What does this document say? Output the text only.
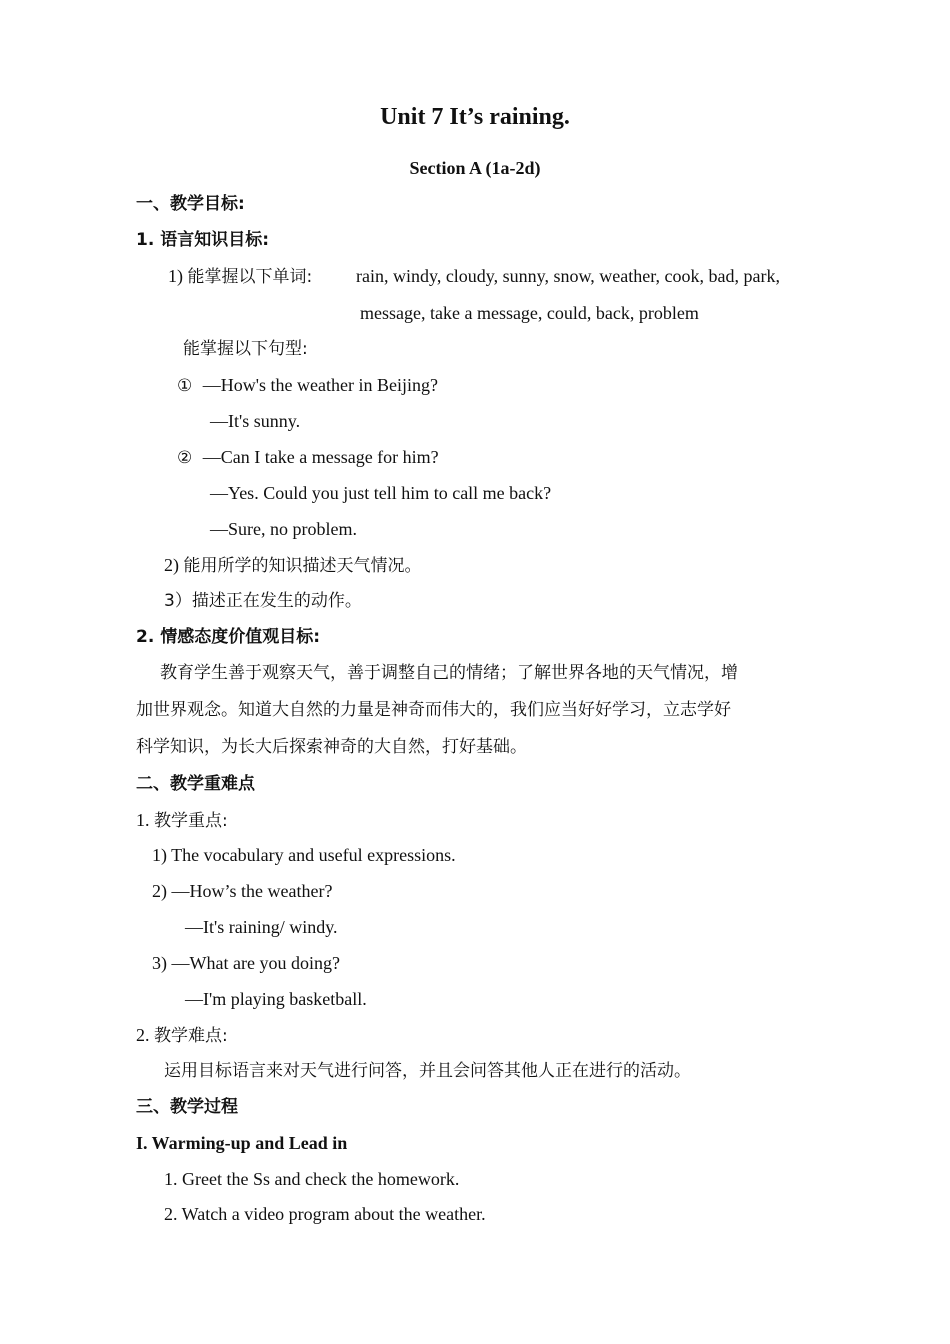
Unit 7 It’s raining.
Section A (1a-2d)
一、教学目标:
1. 语言知识目标:
1) 能掌握以下单词: rain, windy, cloudy, sunny, snow, weather, cook, bad, park,
message, take a message, could, back, problem
能掌握以下句型:
① —How's the weather in Beijing?
—It's sunny.
② —Can I take a message for him?
—Yes. Could you just tell him to call me back?
—Sure, no problem.
2) 能用所学的知识描述天气情况。
3）描述正在发生的动作。
2. 情感态度价值观目标:
教育学生善于观察天气，善于调整自己的情绪；了解世界各地的天气情况，增
加世界观念。知道大自然的力量是神奇而伟大的，我们应当好好学习，立志学好
科学知识，为长大后探索神奇的大自然，打好基础。
二、教学重难点
1. 教学重点:
1) The vocabulary and useful expressions.
2) —How’s the weather?
—It's raining/ windy.
3) —What are you doing?
—I'm playing basketball.
2. 教学难点:
运用目标语言来对天气进行问答，并且会问答其他人正在进行的活动。
三、教学过程
I. Warming-up and Lead in
1. Greet the Ss and check the homework.
2. Watch a video program about the weather.
